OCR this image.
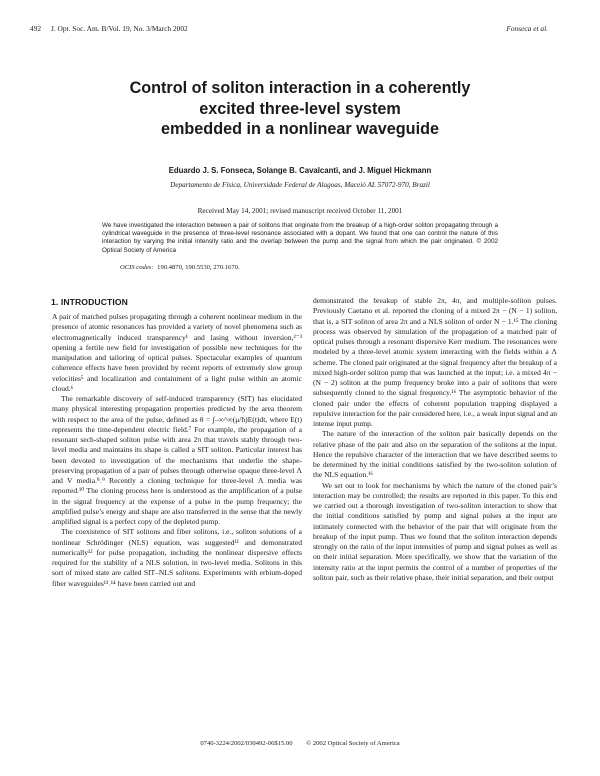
492 J. Opt. Soc. Am. B/Vol. 19, No. 3/March 2002	Fonseca et al.
Control of soliton interaction in a coherently
excited three-level system
embedded in a nonlinear waveguide
Eduardo J. S. Fonseca, Solange B. Cavalcanti, and J. Miguel Hickmann
Departamento de Física, Universidade Federal de Alagoas, Maceió AL 57072-970, Brazil
Received May 14, 2001; revised manuscript received October 11, 2001

We have investigated the interaction between a pair of solitons that originate from the breakup of a high-order soliton propagating through a cylindrical waveguide in the presence of three-level resonance associated with a dopant. We found that one can control the nature of this interaction by varying the initial intensity ratio and the overlap between the pump and the signal from which the pair originated. © 2002 Optical Society of America

OCIS codes: 190.4870, 190.5530, 270.1670.
1. INTRODUCTION

A pair of matched pulses propagating through a coherent nonlinear medium in the presence of atomic resonances has provided a variety of novel phenomena such as electromagnetically induced transparency¹ and lasing without inversion,²⁻³ opening a fertile new field for investigation of possible new techniques for the manipulation and tailoring of optical pulses. Spectacular examples of quantum coherence effects have been provided by recent reports of extremely slow group velocities⁵ and localization and containment of a light pulse within an atomic cloud.⁶

The remarkable discovery of self-induced transparency (SIT) has elucidated many physical interesting propagation properties predicted by the area theorem with respect to the area of the pulse, defined as θ = ∫₋∞^∞(μ/ħ)E(t)dt, where E(t) represents the time-dependent electric field.⁷ For example, the propagation of a resonant sech-shaped soliton pulse with area 2π that travels stably through two-level media and maintains its shape is called a SIT soliton. Particular interest has been devoted to investigation of the mechanisms that underlie the shape-preserving propagation of a pair of pulses through otherwise opaque three-level Λ and V media.⁸˒⁹ Recently a cloning technique for three-level Λ media was reported.¹⁰ The cloning process here is understood as the amplification of a pulse in the signal frequency at the expense of a pulse in the pump frequency; the amplified pulse’s energy and shape are also transferred in the sense that the newly amplified signal is a perfect copy of the depleted pump.

The coexistence of SIT solitons and fiber solitons, i.e., soliton solutions of a nonlinear Schrödinger (NLS) equation, was suggested¹¹ and demonstrated numerically¹² for pulse propagation, including the nonlinear dispersive effects required for the stability of a NLS solution, in two-level media. Solitons in this sort of mixed state are called SIT–NLS solitons. Experiments with erbium-doped fiber waveguides¹³˒¹⁴ have been carried out and

demonstrated the breakup of stable 2π, 4π, and multiple-soliton pulses. Previously Caetano et al. reported the cloning of a mixed 2π − (N − 1) soliton, that is, a SIT soliton of area 2π and a NLS soliton of order N − 1.¹⁵ The cloning process was observed by simulation of the propagation of a matched pair of optical pulses through a resonant dispersive Kerr medium. The resonances were modeled by a three-level atomic system interacting with the fields within a Λ scheme. The cloned pair originated at the signal frequency after the breakup of a mixed high-order soliton pump that was launched at the input; i.e. a mixed 4π − (N − 2) soliton at the pump frequency broke into a pair of solitons that were subsequently cloned to the signal frequency.¹⁶ The asymptotic behavior of the cloned pair under the effects of coherent population trapping displayed a repulsive interaction for the pair considered here, i.e., a weak input signal and an intense input pump.

The nature of the interaction of the soliton pair basically depends on the relative phase of the pair and also on the separation of the solitons at the input. Hence the repulsive character of the interaction that we have described seems to be determined by the initial conditions satisfied by the two-soliton solution of the NLS equation.¹⁶

We set out to look for mechanisms by which the nature of the cloned pair’s interaction may be controlled; the results are reported in this paper. To this end we carried out a thorough investigation of two-soliton interaction to show that the initial conditions satisfied by pump and signal pulses at the input are intimately connected with the behavior of the pair that will originate from the breakup of the input pump. Thus we found that the soliton interaction depends strongly on the ratio of the input intensities of pump and signal pulses as well as on their initial separation. More specifically, we show that the variation of the intensity ratio at the input permits the control of a number of properties of the soliton pair, such as their relative phase, their initial separation, and their output

0740-3224/2002/030492-06$15.00 © 2002 Optical Society of America
